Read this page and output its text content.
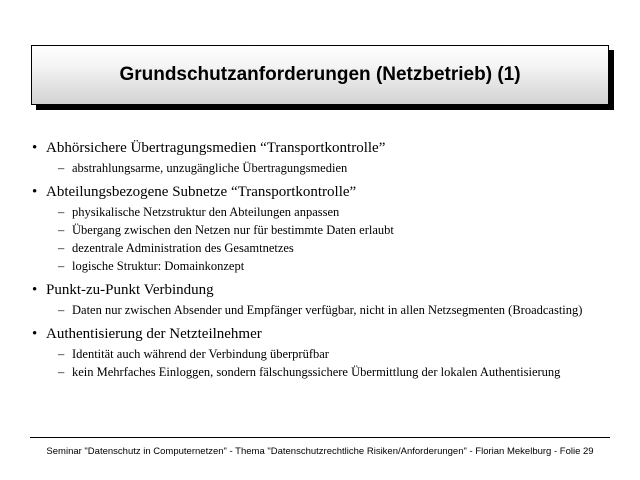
Grundschutzanforderungen (Netzbetrieb) (1)
• Abhörsichere Übertragungsmedien “Transportkontrolle”
– abstrahlungsarme, unzugängliche Übertragungsmedien
• Abteilungsbezogene Subnetze “Transportkontrolle”
– physikalische Netzstruktur den Abteilungen anpassen
– Übergang zwischen den Netzen nur für bestimmte Daten erlaubt
– dezentrale Administration des Gesamtnetzes
– logische Struktur: Domainkonzept
• Punkt-zu-Punkt Verbindung
– Daten nur zwischen Absender und Empfänger verfügbar, nicht in allen Netzsegmenten (Broadcasting)
• Authentisierung der Netzteilnehmer
– Identität auch während der Verbindung überprüfbar
– kein Mehrfaches Einloggen, sondern fälschungssichere Übermittlung der lokalen Authentisierung
Seminar "Datenschutz in Computernetzen" - Thema "Datenschutzrechtliche Risiken/Anforderungen" - Florian Mekelburg - Folie 29
